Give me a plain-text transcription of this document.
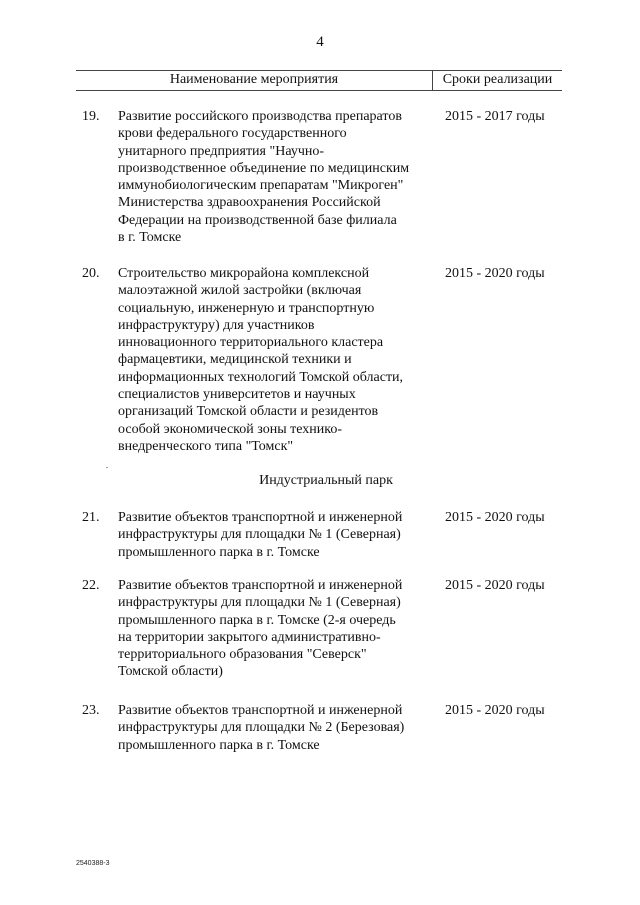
4
Наименование мероприятия	Сроки реализации
19. Развитие российского производства препаратов
крови федерального государственного
унитарного предприятия "Научно-
производственное объединение по медицинским
иммунобиологическим препаратам "Микроген"
Министерства здравоохранения Российской
Федерации на производственной базе филиала
в г. Томске
2015 - 2017 годы
20. Строительство микрорайона комплексной
малоэтажной жилой застройки (включая
социальную, инженерную и транспортную
инфраструктуру) для участников
инновационного территориального кластера
фармацевтики, медицинской техники и
информационных технологий Томской области,
специалистов университетов и научных
организаций Томской области и резидентов
особой экономической зоны технико-
внедренческого типа "Томск"
2015 - 2020 годы
Индустриальный парк
21. Развитие объектов транспортной и инженерной
инфраструктуры для площадки № 1 (Северная)
промышленного парка в г. Томске
2015 - 2020 годы
22. Развитие объектов транспортной и инженерной
инфраструктуры для площадки № 1 (Северная)
промышленного парка в г. Томске (2-я очередь
на территории закрытого административно-
территориального образования "Северск"
Томской области)
2015 - 2020 годы
23. Развитие объектов транспортной и инженерной
инфраструктуры для площадки № 2 (Березовая)
промышленного парка в г. Томске
2015 - 2020 годы
2540388-3
